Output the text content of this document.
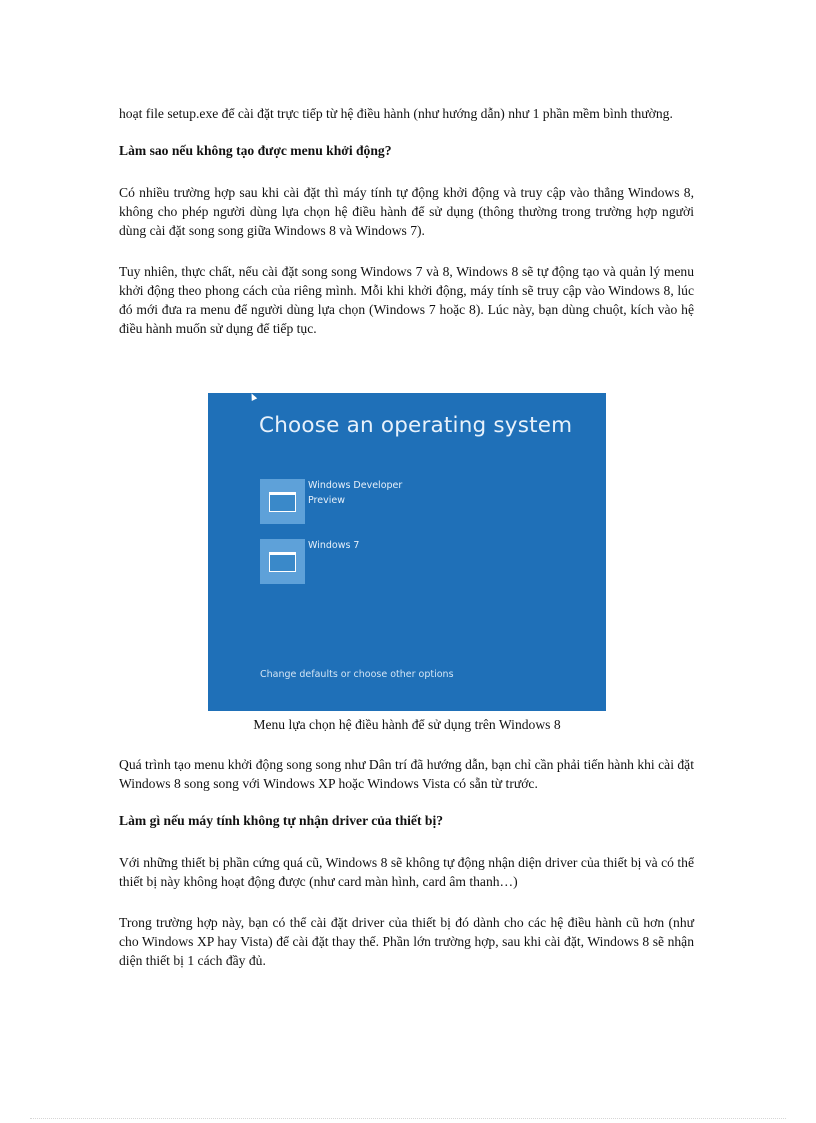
hoạt file setup.exe để cài đặt trực tiếp từ hệ điều hành (như hướng dẫn) như 1 phần mềm bình thường.

Làm sao nếu không tạo được menu khởi động?

Có nhiều trường hợp sau khi cài đặt thì máy tính tự động khởi động và truy cập vào thẳng Windows 8, không cho phép người dùng lựa chọn hệ điều hành để sử dụng (thông thường trong trường hợp người dùng cài đặt song song giữa Windows 8 và Windows 7).

Tuy nhiên, thực chất, nếu cài đặt song song Windows 7 và 8, Windows 8 sẽ tự động tạo và quản lý menu khởi động theo phong cách của riêng mình. Mỗi khi khởi động, máy tính sẽ truy cập vào Windows 8, lúc đó mới đưa ra menu để người dùng lựa chọn (Windows 7 hoặc 8). Lúc này, bạn dùng chuột, kích vào hệ điều hành muốn sử dụng để tiếp tục.

Choose an operating system
Windows Developer
Preview
Windows 7
Change defaults or choose other options
Menu lựa chọn hệ điều hành để sử dụng trên Windows 8

Quá trình tạo menu khởi động song song như Dân trí đã hướng dẫn, bạn chỉ cần phải tiến hành khi cài đặt Windows 8 song song với Windows XP hoặc Windows Vista có sẵn từ trước.

Làm gì nếu máy tính không tự nhận driver của thiết bị?

Với những thiết bị phần cứng quá cũ, Windows 8 sẽ không tự động nhận diện driver của thiết bị và có thể thiết bị này không hoạt động được (như card màn hình, card âm thanh…)

Trong trường hợp này, bạn có thể cài đặt driver của thiết bị đó dành cho các hệ điều hành cũ hơn (như cho Windows XP hay Vista) để cài đặt thay thế. Phần lớn trường hợp, sau khi cài đặt, Windows 8 sẽ nhận diện thiết bị 1 cách đầy đủ.
